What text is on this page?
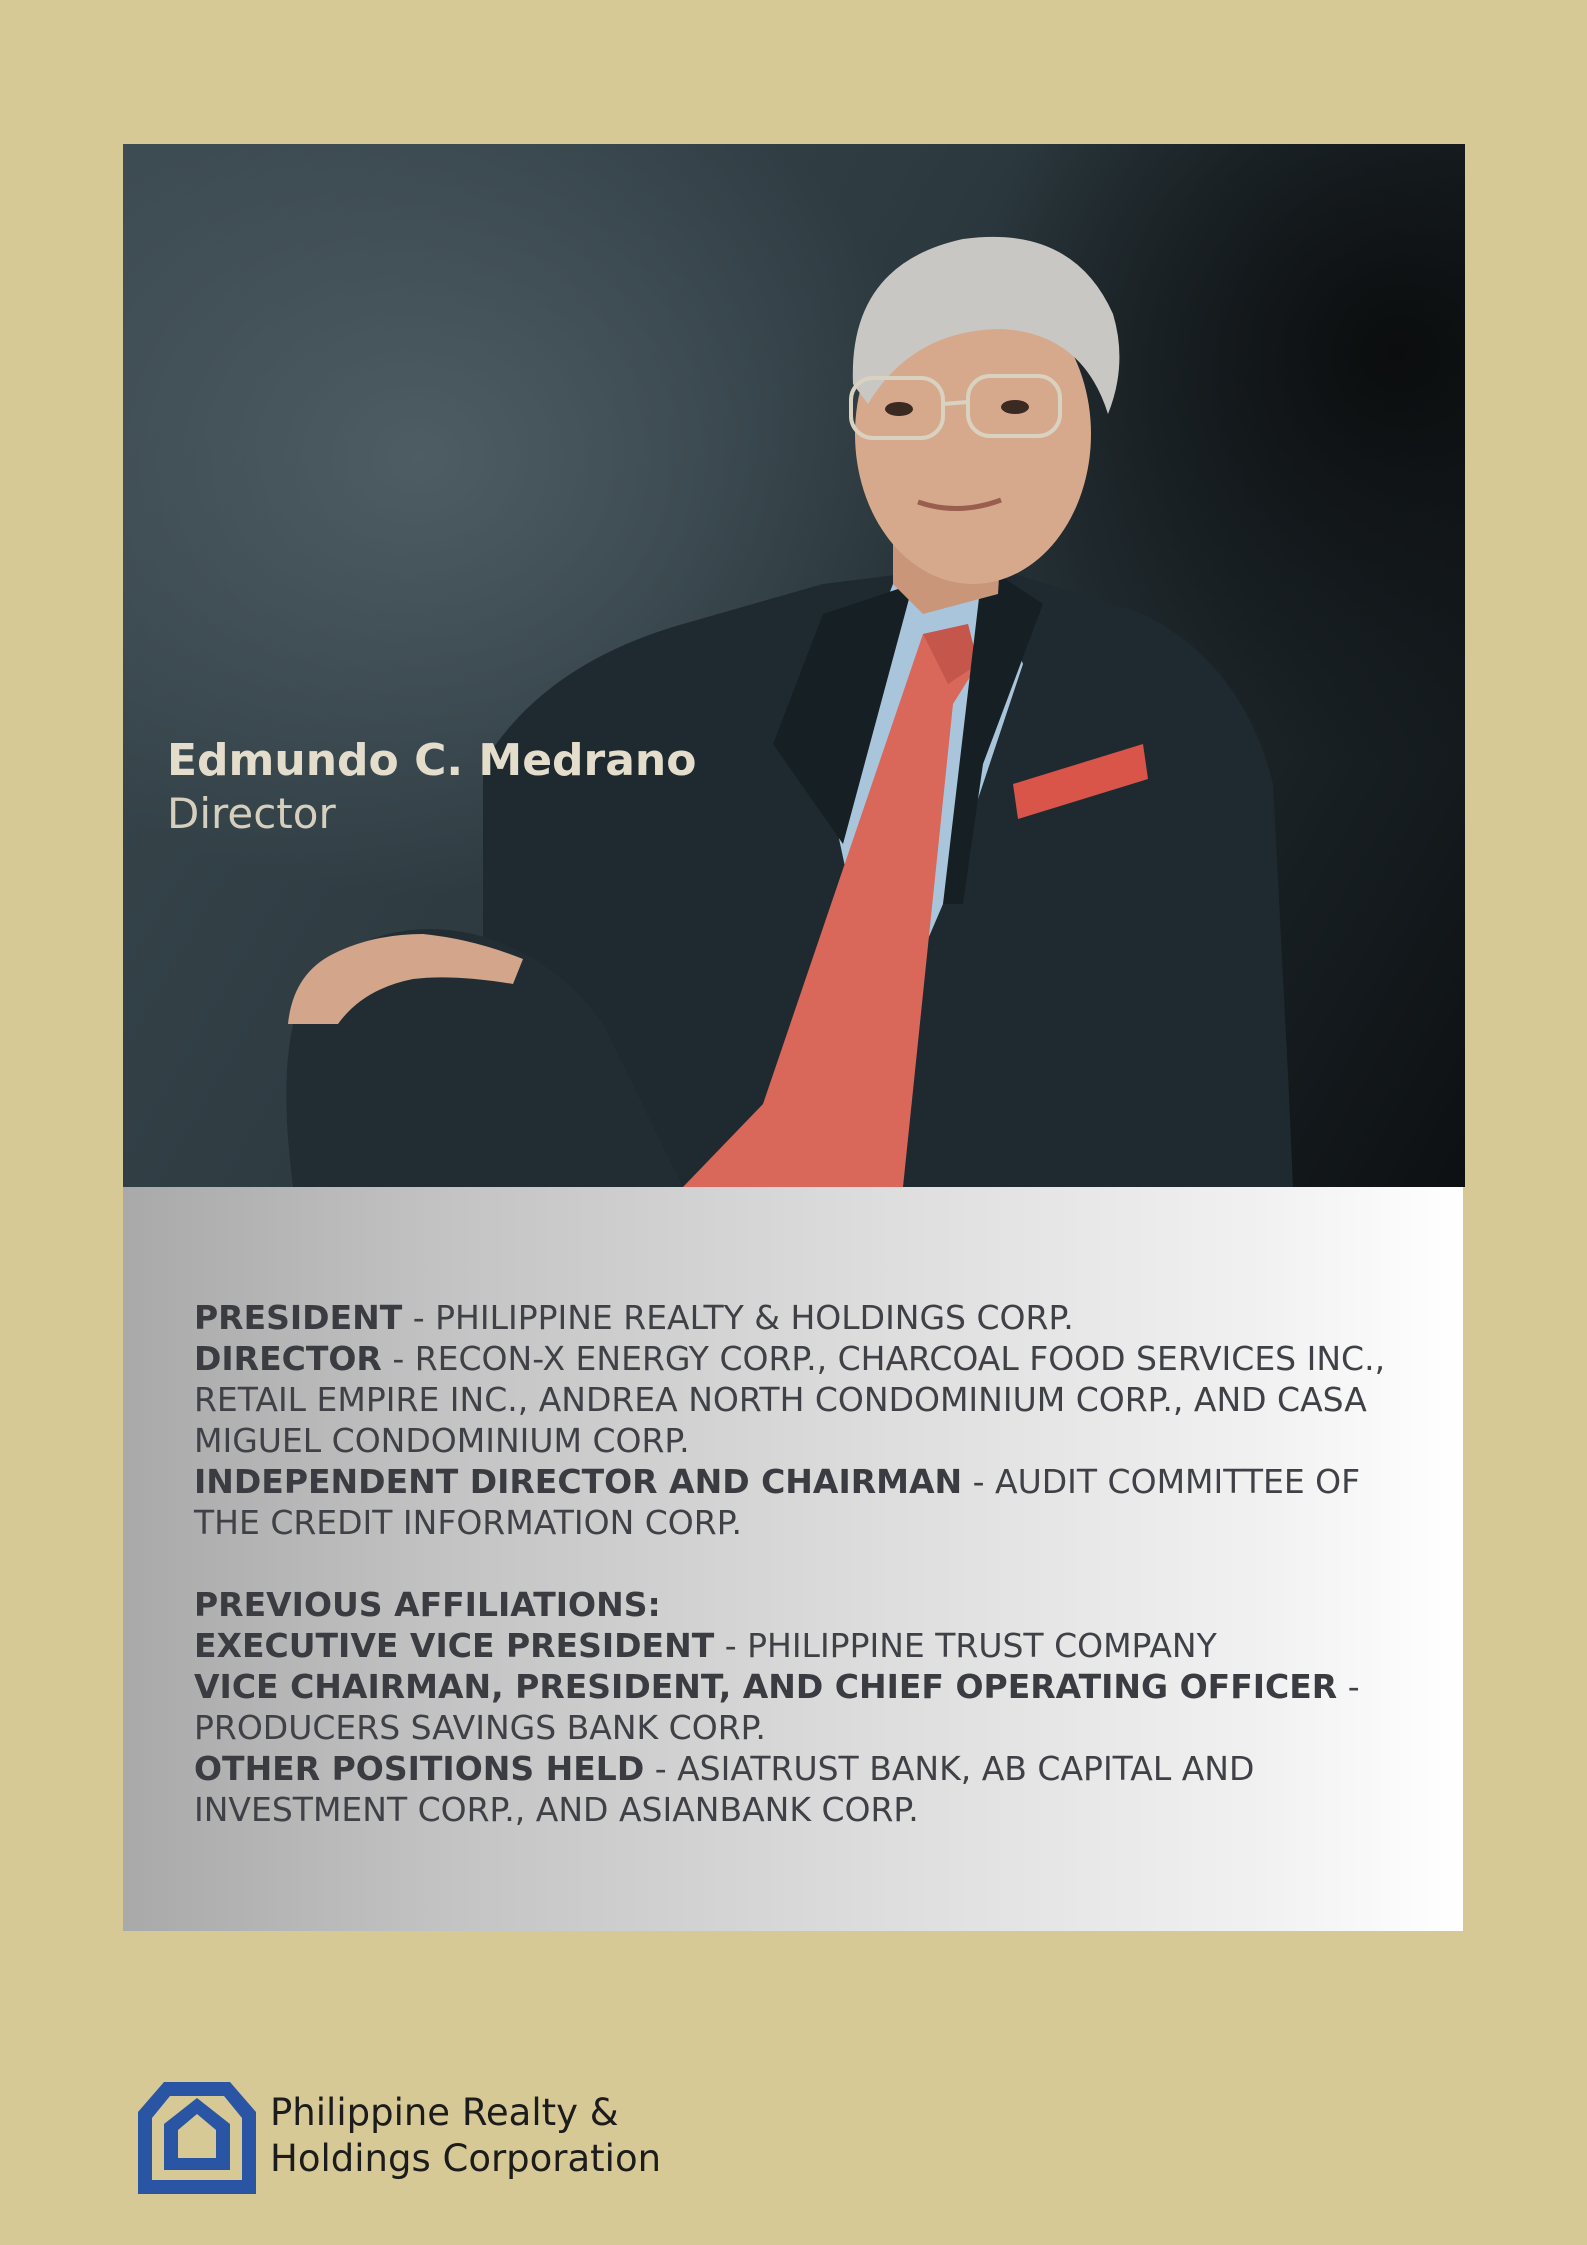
Edmundo C. Medrano
Director

PRESIDENT - PHILIPPINE REALTY & HOLDINGS CORP.

DIRECTOR - RECON-X ENERGY CORP., CHARCOAL FOOD SERVICES INC., RETAIL EMPIRE INC., ANDREA NORTH CONDOMINIUM CORP., AND CASA MIGUEL CONDOMINIUM CORP.

INDEPENDENT DIRECTOR AND CHAIRMAN - AUDIT COMMITTEE OF THE CREDIT INFORMATION CORP.

PREVIOUS AFFILIATIONS:

EXECUTIVE VICE PRESIDENT - PHILIPPINE TRUST COMPANY

VICE CHAIRMAN, PRESIDENT, AND CHIEF OPERATING OFFICER - PRODUCERS SAVINGS BANK CORP.

OTHER POSITIONS HELD - ASIATRUST BANK, AB CAPITAL AND INVESTMENT CORP., AND ASIANBANK CORP.

Philippine Realty &
Holdings Corporation
